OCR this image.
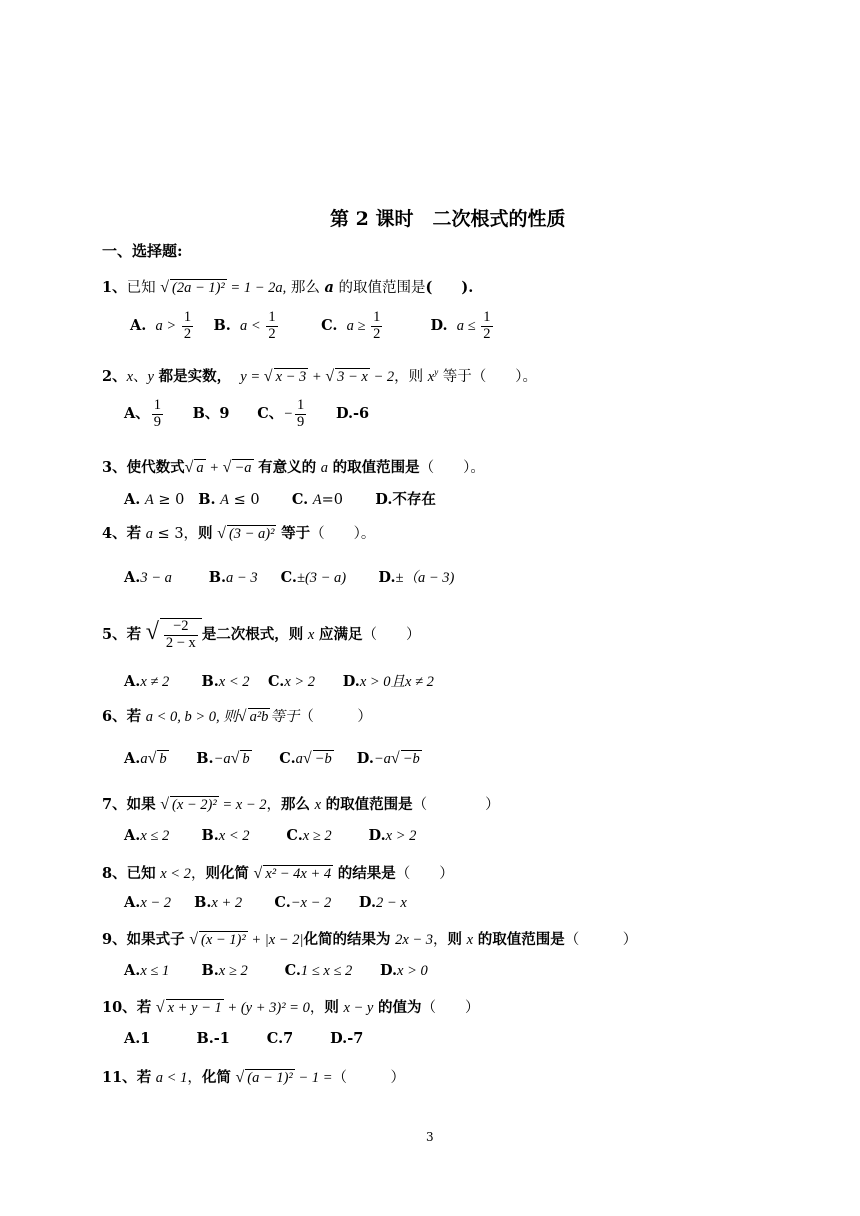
第 2 课时　二次根式的性质
一、选择题:
1、已知 √ (2a − 1)² = 1 − 2a, 那么 a 的取值范围是(　　).
A. $a > \frac{1}{2} B$. $a < \frac{1}{2}$	C. $a \ge \frac{1}{2}$	D. $a \le \frac{1}{2}$
2、x、y 都是实数， y = √ x − 3 + √ 3 − x − 2，则 $x^y$ 等于（　　）。
A、 $\frac{1}{9}$ B、9 C、− $\frac{1}{9} D.-6$
3、使代数式√ a + √ −a 有意义的 a 的取值范围是（　　）。
A. A ≥ 0   B. A ≤ 0       C. A=0       D.不存在
4、若 a ≤ 3，则 √ (3 − a)² 等于（　　）。
A.3 − a	B.a − 3 C.±(3 − a) D.±（a − 3)
5、若 √ $\frac{-2}{2 - x}$ 是二次根式，则 x 应满足（　　）
A.x ≠ 2 B.x < 2 C.x > 2 D.x > 0且x ≠ 2
6、若 a < 0, b > 0, 则√ a²b 等于（　　　）
A.a√ b B.−a√ b C.a√ −b D.−a√ −b
7、如果 √ (x − 2)² = x − 2，那么 x 的取值范围是（　　　　）
A.x ≤ 2 B.x < 2	C.x ≥ 2	D.x > 2
8、已知 x < 2，则化简 √ x² − 4x + 4 的结果是（　　）
A.x − 2 B.x + 2 C.−x − 2 D.2 − x
9、如果式子 √ (x − 1)² + |x − 2|化简的结果为 2x − 3，则 x 的取值范围是（　　　）
A.x ≤ 1 B.x ≥ 2	C.1 ≤ x ≤ 2 D.x > 0
10、若 √ x + y − 1 + (y + 3)² = 0，则 x − y 的值为（　　）
A.1	B.-1	C.7	D.-7
11、若 a < 1，化简 √ (a − 1)² − 1 =（　　　）
3
